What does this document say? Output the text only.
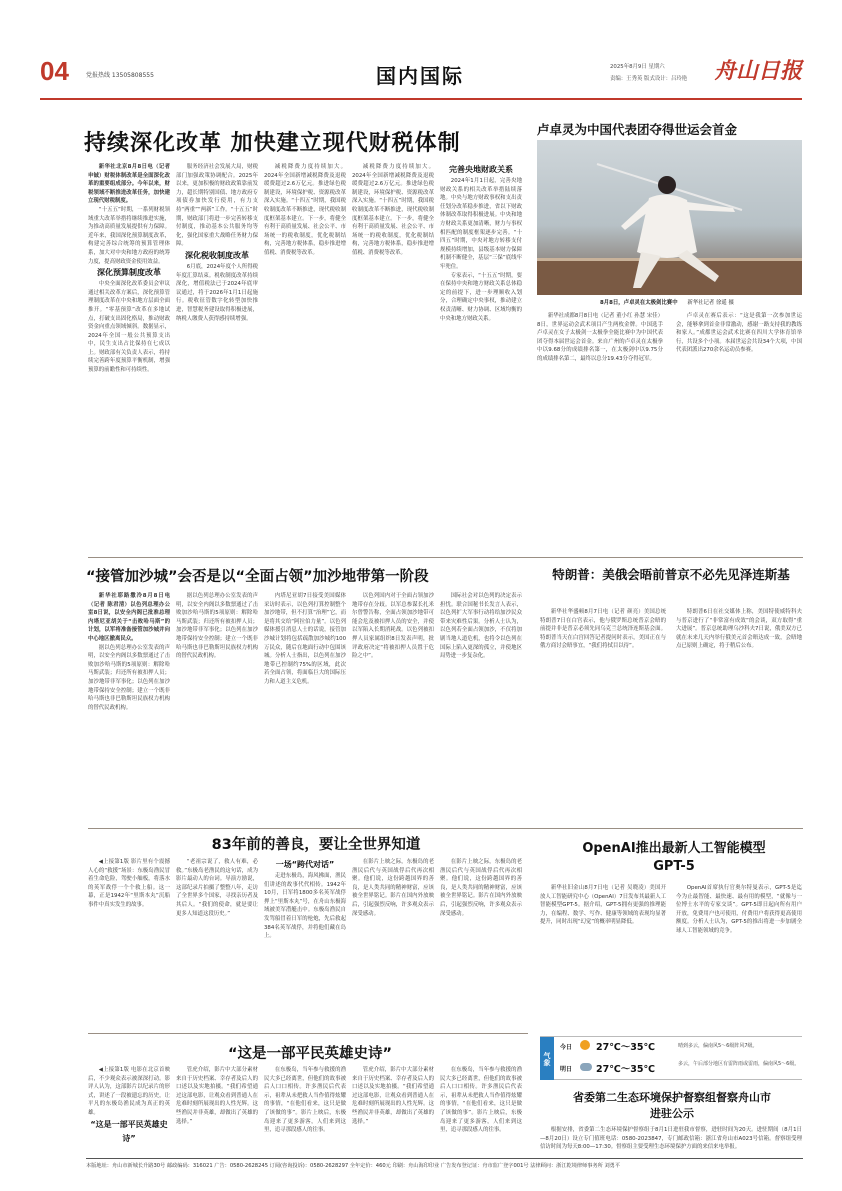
04	党报热线 13505808555	国内国际	2025年8月9日 星期六
责编：王秀英 版式设计：吕玲艳 舟山日报
持续深化改革 加快建立现代财税体制

新华社北京8月8日电（记者 申铖）财税体制改革是全面深化改革的重要组成部分。今年以来，财税领域不断推进改革任务，加快建立现代财税制度。

“十五五”时期，一系列财税领域重大改革举措将继续推进实施，为推动高质量发展提供有力保障。近年来，我国深化预算制度改革，构建完善综合统筹的预算管理体系，加大对中央和地方政府的统筹力度，提高财政资金使用效益。

深化预算制度改革

中央全面深化改革委员会审议通过相关改革方案后，深化预算管理制度改革在中央和地方层面全面推开。“零基预算”改革在多地试点，打破支出固化格局，推动财政资金向重点领域倾斜。数据显示，2024年全国一般公共预算支出中，民生支出占比保持在七成以上。财政部有关负责人表示，将持续完善跨年度预算平衡机制，增强预算的前瞻性和可持续性。

服务经济社会发展大局，财税部门加强政策协调配合。2025年以来，更加积极的财政政策靠前发力，超长期特别国债、地方政府专项债券加快发行使用，有力支持“两重”“两新”工作。“十五五”时期，财政部门将进一步完善转移支付制度，推动基本公共服务均等化，强化国家重大战略任务财力保障。

深化税收制度改革

6月底，2024年度个人所得税年度汇算结束。税收制度改革持续深化，增值税法已于2024年底审议通过，将于2026年1月1日起施行。税收征管数字化转型加快推进，智慧税务建设取得积极进展，纳税人缴费人获得感持续增强。

减税降费力度持续加大。2024年全国新增减税降费及退税缓费超过2.6万亿元。推进绿色税制建设，环境保护税、资源税改革深入实施。“十四五”时期，我国税收制度改革不断推进，现代税收制度框架基本建立。下一步，将健全有利于高质量发展、社会公平、市场统一的税收制度，优化税制结构，完善地方税体系，稳步推进增值税、消费税等改革。

减税降费力度持续加大。2024年全国新增减税降费及退税缓费超过2.6万亿元。推进绿色税制建设，环境保护税、资源税改革深入实施。“十四五”时期，我国税收制度改革不断推进，现代税收制度框架基本建立。下一步，将健全有利于高质量发展、社会公平、市场统一的税收制度，优化税制结构，完善地方税体系，稳步推进增值税、消费税等改革。

完善央地财政关系

2024年1月1日起，完善央地财政关系的相关改革举措陆续落地。中央与地方财政事权和支出责任划分改革稳步推进，省以下财政体制改革取得积极进展。中央和地方财政关系更加清晰，财力与事权相匹配的制度框架逐步完善。“十四五”时期，中央对地方转移支付规模持续增加，县级基本财力保障机制不断健全，基层“三保”底线牢牢兜住。

专家表示，“十五五”时期，要在保持中央和地方财政关系总体稳定的前提下，进一步理顺收入划分，合理确定中央事权，推动建立权责清晰、财力协调、区域均衡的中央和地方财政关系。

卢卓灵为中国代表团夺得世运会首金
8月8日，卢卓灵在太极剑比赛中 新华社记者 徐遥 摄

新华社成都8月8日电（记者 董小红 孙慧 宋佳）8日，世界运动会武术项目产生两枚金牌。中国选手卢卓灵在女子太极剑一太极拳全能比赛中为中国代表团夺得本届世运会首金。来自广州的卢卓灵在太极拳中以9.68分的成绩排名第一，在太极剑中以9.75分的成绩排名第二，最终以总分19.43分夺得冠军。

卢卓灵在赛后表示：“这是我第一次参加世运会，能够拿到首金非常激动，感谢一路支持我的教练和家人。”成都世运会武术比赛在四川大学体育馆举行，共设多个小项。本届世运会共设34个大项，中国代表团派出270余名运动员参赛。

“接管加沙城”会否是以“全面占领”加沙地带第一阶段

新华社耶路撒冷8月8日电（记者 陈君清）以色列总理办公室8日说，以安全内阁已批准总理内塔尼亚胡关于“击败哈马斯”的计划，以军将准备接管加沙城并向中心地区撤离民众。

据以色列总理办公室发表的声明，以安全内阁以多数票通过了击败加沙哈马斯的5项原则：解除哈马斯武装；归还所有被扣押人员；加沙地带非军事化；以色列在加沙地带保持安全控制；建立一个既非哈马斯也非巴勒斯坦民族权力机构的替代民政机构。

据以色列总理办公室发表的声明，以安全内阁以多数票通过了击败加沙哈马斯的5项原则：解除哈马斯武装；归还所有被扣押人员；加沙地带非军事化；以色列在加沙地带保持安全控制；建立一个既非哈马斯也非巴勒斯坦民族权力机构的替代民政机构。

内塔尼亚胡7日接受美国媒体采访时表示，以色列打算控制整个加沙地带，但不打算“治理”它，而是将其交给“阿拉伯力量”。以色列媒体援引消息人士的话说，接管加沙城计划将包括疏散加沙城约100万民众，随后在地面行动中包围该城。分析人士指出，以色列在加沙地带已控制约75%的区域，此次若全面占领，将面临巨大的国际压力和人道主义危机。

以色列国内对于全面占领加沙地带存在分歧。以军总参谋长扎米尔曾警告称，全面占领加沙地带可能会危及被扣押人员的安全，并使以军陷入长期消耗战。以色列被扣押人员家属组织8日发表声明，批评政府决定“将被扣押人员置于危险之中”。

国际社会对以色列的决定表示担忧。联合国秘书长发言人表示，以色列扩大军事行动将给加沙民众带来灾难性后果。分析人士认为，以色列若全面占领加沙，不仅将加剧当地人道危机，也将令以色列在国际上陷入更深的孤立，并使地区局势进一步复杂化。

特朗普：美俄会晤前普京不必先见泽连斯基

新华社华盛顿8月7日电（记者 颜亮）美国总统特朗普7日在白宫表示，他与俄罗斯总统普京会晤的前提并非是普京必须先同乌克兰总统泽连斯基会面。特朗普当天在白宫回答记者提问时表示，美国正在与俄方商讨会晤事宜，“我们将拭目以待”。

特朗普6日在社交媒体上称，美国特使威特科夫与普京进行了“非常富有成效”的会谈，双方取得“重大进展”。普京总统助理乌沙科夫7日说，俄美双方已就在未来几天内举行俄美元首会晤达成一致，会晤地点已原则上确定，将于稍后公布。

83年前的善良，要让全世界知道

◀上接第1版 影片里有个震撼人心的“救援”场景：东极岛渔民冒着生命危险，驾驶小舢板，将落水的英军战俘一个个救上船。这一幕，正是1942年“里斯本丸”沉船事件中真实发生的故事。

“老祖宗说了，救人有难，必救。”东极岛老渔民的这句话，成为影片最动人的台词。导演方励说，这部纪录片拍摄了整整八年，走访了全世界多个国家，寻找亲历者及其后人。“我们的使命，就是要让更多人知道这段历史。”

一场“跨代对话”

走进东极岛，海风拂面，渔民们讲述的故事代代相传。1942年10月，日军将1800多名英军战俘押上“里斯本丸”号，在舟山东极海域被美军潜艇击中。东极岛渔民自发驾船冒着日军的枪炮，先后救起384名英军战俘，并将他们藏在岛上。

在影片上映之际，东极岛的老渔民后代与英国战俘后代再次相聚。他们说，这份跨越国界的善良，是人类共同的精神财富，应该被全世界铭记。影片在国内外放映后，引起强烈反响，许多观众表示深受感动。

在影片上映之际，东极岛的老渔民后代与英国战俘后代再次相聚。他们说，这份跨越国界的善良，是人类共同的精神财富，应该被全世界铭记。影片在国内外放映后，引起强烈反响，许多观众表示深受感动。

OpenAI推出最新人工智能模型GPT-5

新华社旧金山8月7日电（记者 吴晓凌）美国开放人工智能研究中心（OpenAI）7日发布其最新人工智能模型GPT-5。据介绍，GPT-5拥有更强的推理能力，在编程、数学、写作、健康等领域的表现均显著提升，同时出现“幻觉”的概率明显降低。

OpenAI首席执行官奥尔特曼表示，GPT-5是迄今为止最智能、最快速、最有用的模型，“就像与一位博士水平的专家交谈”。GPT-5即日起向所有用户开放，免费用户也可使用，付费用户将获得更高使用额度。分析人士认为，GPT-5的推出将进一步加剧全球人工智能领域的竞争。

“这是一部平民英雄史诗”

◀上接第1版 电影在北京首映后，不少观众表示被深深打动。影评人认为，这部影片以纪录片的形式，讲述了一段被遗忘的历史，让平凡的东极岛渔民成为真正的英雄。

“这是一部平民英雄史诗”

管虎介绍，影片中大部分素材来自于历史档案、幸存者及后人的口述以及实地拍摄。“我们希望通过这部电影，让观众看到普通人在危难时刻所展现出的人性光辉。这些渔民并非英雄，却做出了英雄的选择。”

在东极岛，当年参与救援的渔民大多已经离世，但他们的故事被后人口口相传。许多渔民后代表示，祖辈从未把救人当作值得炫耀的事情，“在他们看来，这只是做了该做的事”。影片上映后，东极岛迎来了更多游客，人们来到这里，追寻那段感人的往事。

管虎介绍，影片中大部分素材来自于历史档案、幸存者及后人的口述以及实地拍摄。“我们希望通过这部电影，让观众看到普通人在危难时刻所展现出的人性光辉。这些渔民并非英雄，却做出了英雄的选择。”

在东极岛，当年参与救援的渔民大多已经离世，但他们的故事被后人口口相传。许多渔民后代表示，祖辈从未把救人当作值得炫耀的事情，“在他们看来，这只是做了该做的事”。影片上映后，东极岛迎来了更多游客，人们来到这里，追寻那段感人的往事。

气象
今日	27℃～35℃	晴到多云，偏南风5～6级阵风7级。
明日	27℃～35℃	多云，午后部分地区有雷阵雨或雷雨，偏南风5～6级。
省委第二生态环境保护督察组督察舟山市进驻公示

根据安排，省委第二生态环境保护督察组于8月1日进驻我市督察，进驻时间为20天。进驻期间（8月1日—8月20日）设立专门值班电话：0580-2023847，专门邮政信箱：浙江省舟山市A023号信箱。督察组受理信访时间为每天8:00—17:30。督察组主要受理生态环境保护方面的来信来电举报。

本版地址：舟山市新城长升路30号 邮政编码：316021 广告：0580-2628245 订阅(咨询投诉)：0580-2628297 全年定价：460元 印刷：舟山海印印业 广告发布登记证：舟市监广登字001号 法律顾问：浙江乾境律师事务所 刘勇平
